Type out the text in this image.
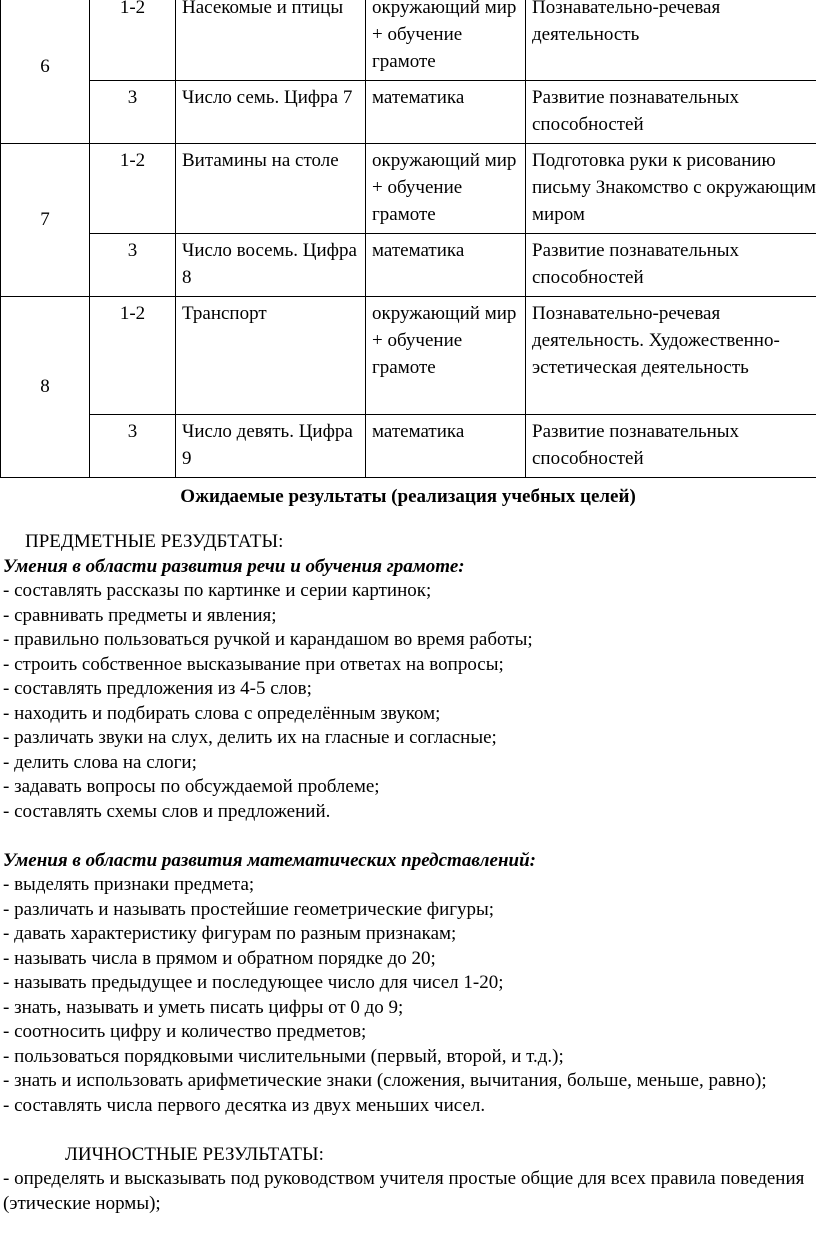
6	1-2	Насекомые и птицы	окружающий мир + обучение грамоте	Познавательно-речевая деятельность
	3	Число семь. Цифра 7	математика	Развитие познавательных способностей
7	1-2	Витамины на столе	окружающий мир + обучение грамоте	Подготовка руки к рисованию письму Знакомство с окружающим миром
	3	Число восемь. Цифра 8	математика	Развитие познавательных способностей
8	1-2	Транспорт	окружающий мир + обучение грамоте	Познавательно-речевая деятельность. Художественно-эстетическая деятельность
	3	Число девять. Цифра 9	математика	Развитие познавательных способностей
Ожидаемые результаты (реализация учебных целей)

ПРЕДМЕТНЫЕ РЕЗУДБТАТЫ:

Умения в области развития речи и обучения грамоте:

- составлять рассказы по картинке и серии картинок;

- сравнивать предметы и явления;

- правильно пользоваться ручкой и карандашом во время работы;

- строить собственное высказывание при ответах на вопросы;

- составлять предложения из 4-5 слов;

- находить и подбирать слова с определённым звуком;

- различать звуки на слух, делить их на гласные и согласные;

- делить слова на слоги;

- задавать вопросы по обсуждаемой проблеме;

- составлять схемы слов и предложений.

Умения в области развития математических представлений:

- выделять признаки предмета;

- различать и называть простейшие геометрические фигуры;

- давать характеристику фигурам по разным признакам;

- называть числа в прямом и обратном порядке до 20;

- называть предыдущее и последующее число для чисел 1-20;

- знать, называть и уметь писать цифры от 0 до 9;

- соотносить цифру и количество предметов;

- пользоваться порядковыми числительными (первый, второй, и т.д.);

- знать и использовать арифметические знаки (сложения, вычитания, больше, меньше, равно);

- составлять числа первого десятка из двух меньших чисел.

ЛИЧНОСТНЫЕ РЕЗУЛЬТАТЫ:

- определять и высказывать под руководством учителя простые общие для всех правила поведения (этические нормы);
